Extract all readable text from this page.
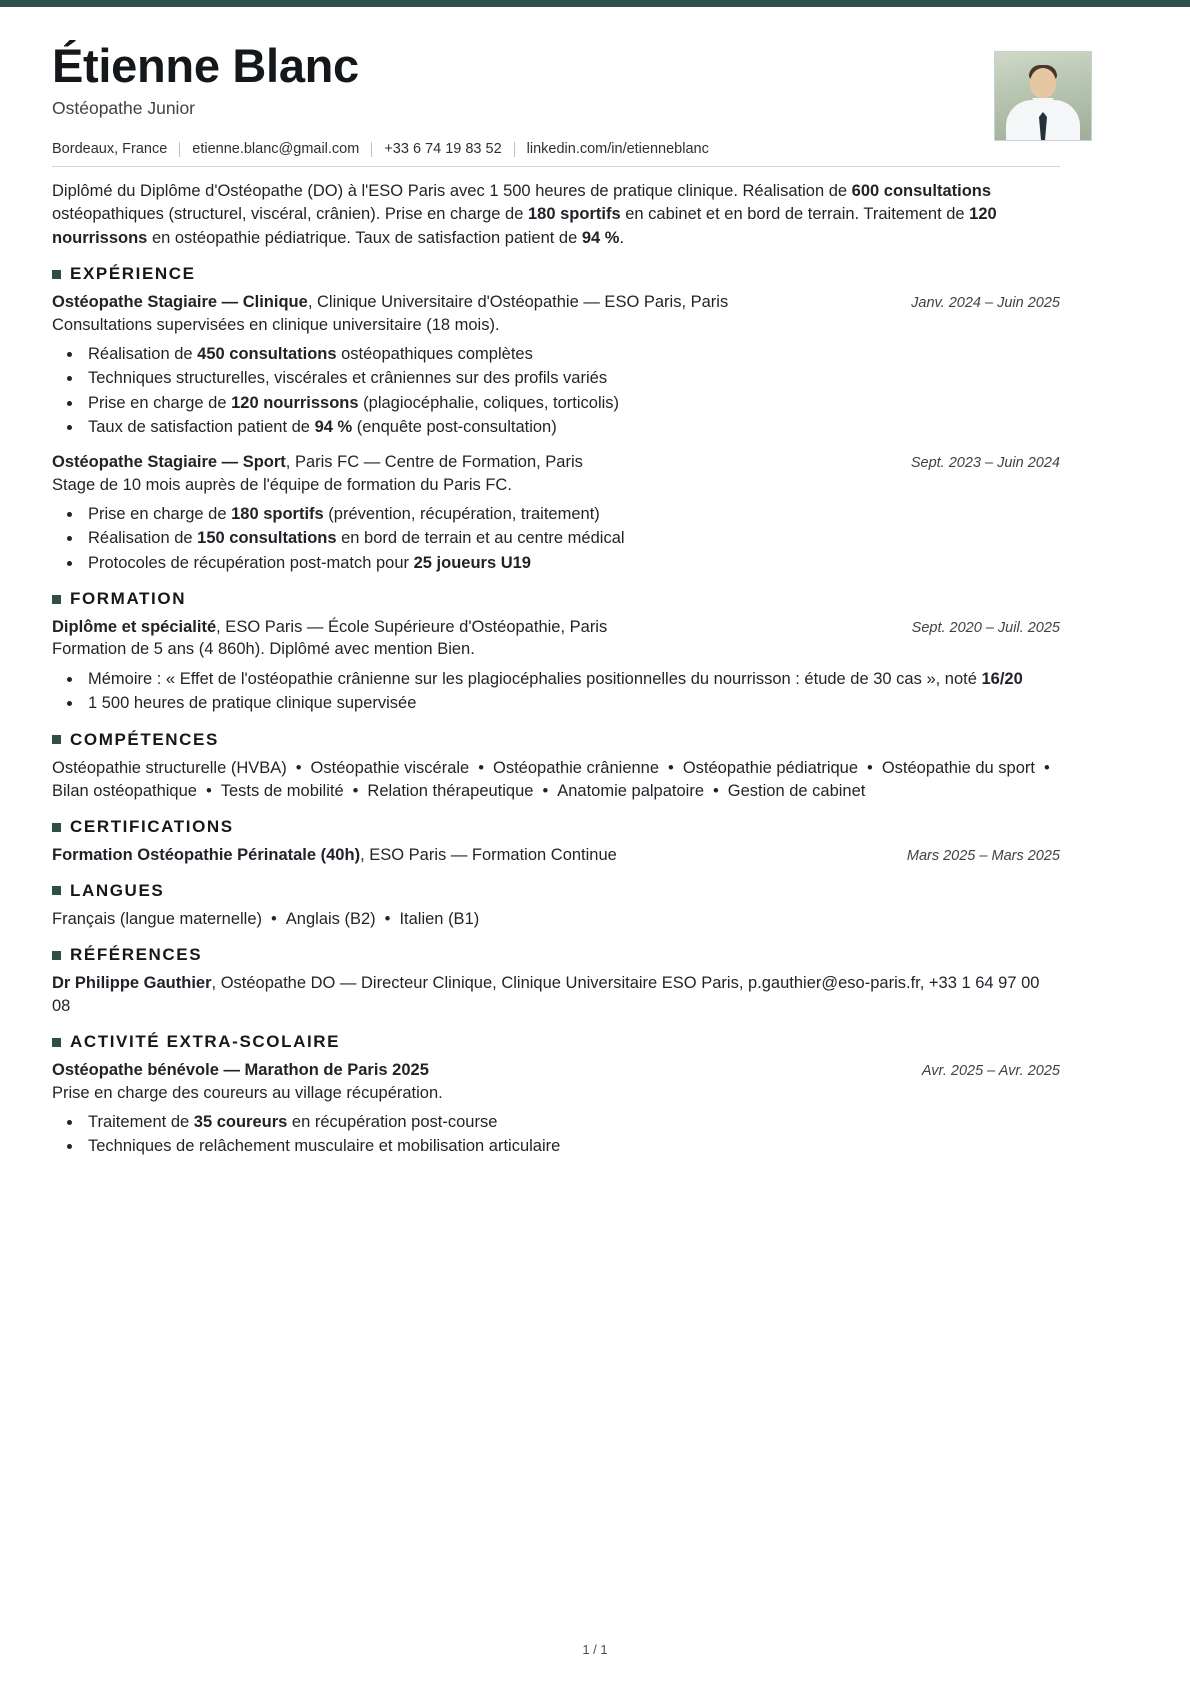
Étienne Blanc
Ostéopathe Junior
Bordeaux, France	etienne.blanc@gmail.com	+33 6 74 19 83 52	linkedin.com/in/etienneblanc

Diplômé du Diplôme d'Ostéopathe (DO) à l'ESO Paris avec 1 500 heures de pratique clinique. Réalisation de 600 consultations ostéopathiques (structurel, viscéral, crânien). Prise en charge de 180 sportifs en cabinet et en bord de terrain. Traitement de 120 nourrissons en ostéopathie pédiatrique. Taux de satisfaction patient de 94 %.

EXPÉRIENCE
Ostéopathe Stagiaire — Clinique, Clinique Universitaire d'Ostéopathie — ESO Paris, Paris	Janv. 2024 – Juin 2025
Consultations supervisées en clinique universitaire (18 mois).
• Réalisation de 450 consultations ostéopathiques complètes
• Techniques structurelles, viscérales et crâniennes sur des profils variés
• Prise en charge de 120 nourrissons (plagiocéphalie, coliques, torticolis)
• Taux de satisfaction patient de 94 % (enquête post-consultation)
Ostéopathe Stagiaire — Sport, Paris FC — Centre de Formation, Paris	Sept. 2023 – Juin 2024
Stage de 10 mois auprès de l'équipe de formation du Paris FC.
• Prise en charge de 180 sportifs (prévention, récupération, traitement)
• Réalisation de 150 consultations en bord de terrain et au centre médical
• Protocoles de récupération post-match pour 25 joueurs U19
FORMATION
Diplôme et spécialité, ESO Paris — École Supérieure d'Ostéopathie, Paris	Sept. 2020 – Juil. 2025
Formation de 5 ans (4 860h). Diplômé avec mention Bien.
• Mémoire : « Effet de l'ostéopathie crânienne sur les plagiocéphalies positionnelles du nourrisson : étude de 30 cas », noté 16/20
• 1 500 heures de pratique clinique supervisée
COMPÉTENCES
Ostéopathie structurelle (HVBA) • Ostéopathie viscérale • Ostéopathie crânienne • Ostéopathie pédiatrique • Ostéopathie du sport •Bilan ostéopathique • Tests de mobilité • Relation thérapeutique • Anatomie palpatoire • Gestion de cabinet
CERTIFICATIONS
Formation Ostéopathie Périnatale (40h), ESO Paris — Formation Continue	Mars 2025 – Mars 2025
LANGUES
Français (langue maternelle) • Anglais (B2) • Italien (B1)
RÉFÉRENCES
Dr Philippe Gauthier, Ostéopathe DO — Directeur Clinique, Clinique Universitaire ESO Paris, p.gauthier@eso-paris.fr, +33 1 64 97 00 08
ACTIVITÉ EXTRA-SCOLAIRE
Ostéopathe bénévole — Marathon de Paris 2025	Avr. 2025 – Avr. 2025
Prise en charge des coureurs au village récupération.
• Traitement de 35 coureurs en récupération post-course
• Techniques de relâchement musculaire et mobilisation articulaire
1 / 1
